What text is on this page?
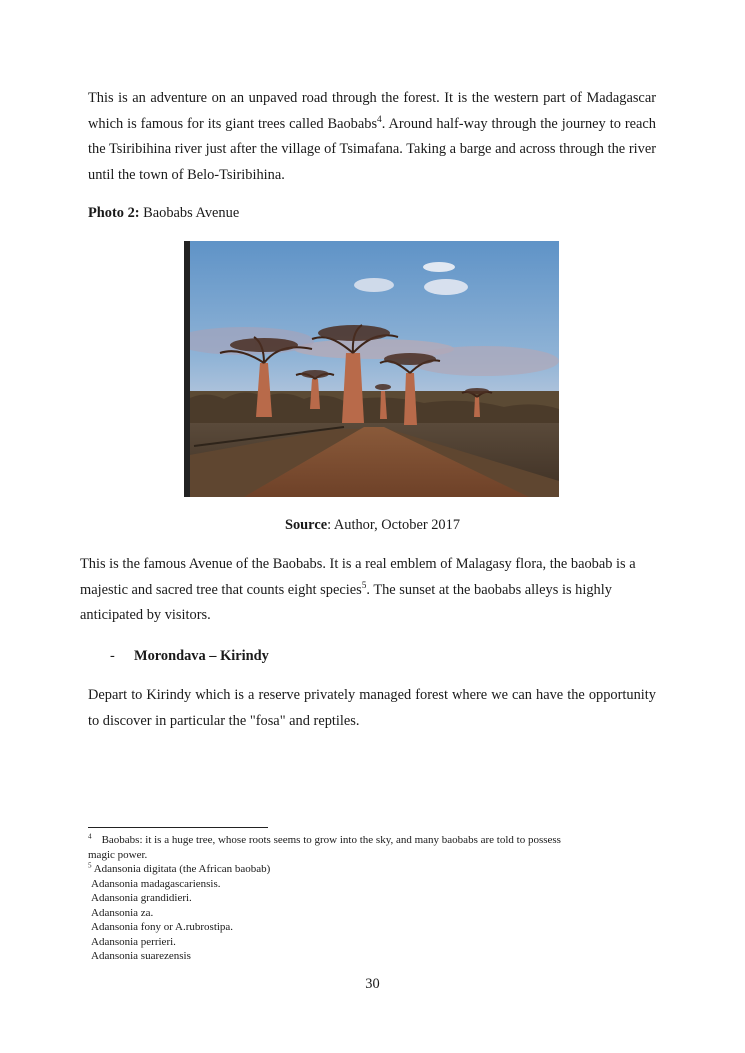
This is an adventure on an unpaved road through the forest. It is the western part of Madagascar which is famous for its giant trees called Baobabs$^4$. Around half-way through the journey to reach the Tsiribihina river just after the village of Tsimafana. Taking a barge and across through the river until the town of Belo-Tsiribihina.

Photo 2: Baobabs Avenue
Source: Author, October 2017

This is the famous Avenue of the Baobabs. It is a real emblem of Malagasy flora, the baobab is a majestic and sacred tree that counts eight species$^5$. The sunset at the baobabs alleys is highly anticipated by visitors.

- Morondava – Kirindy

Depart to Kirindy which is a reserve privately managed forest where we can have the opportunity to discover in particular the "fosa" and reptiles.

$^4$ Baobabs: it is a huge tree, whose roots seems to grow into the sky, and many baobabs are told to possess
magic power.
$^5$ Adansonia digitata (the African baobab)
Adansonia madagascariensis.
Adansonia grandidieri.
Adansonia za.
Adansonia fony or A.rubrostipa.
Adansonia perrieri.
Adansonia suarezensis
30
